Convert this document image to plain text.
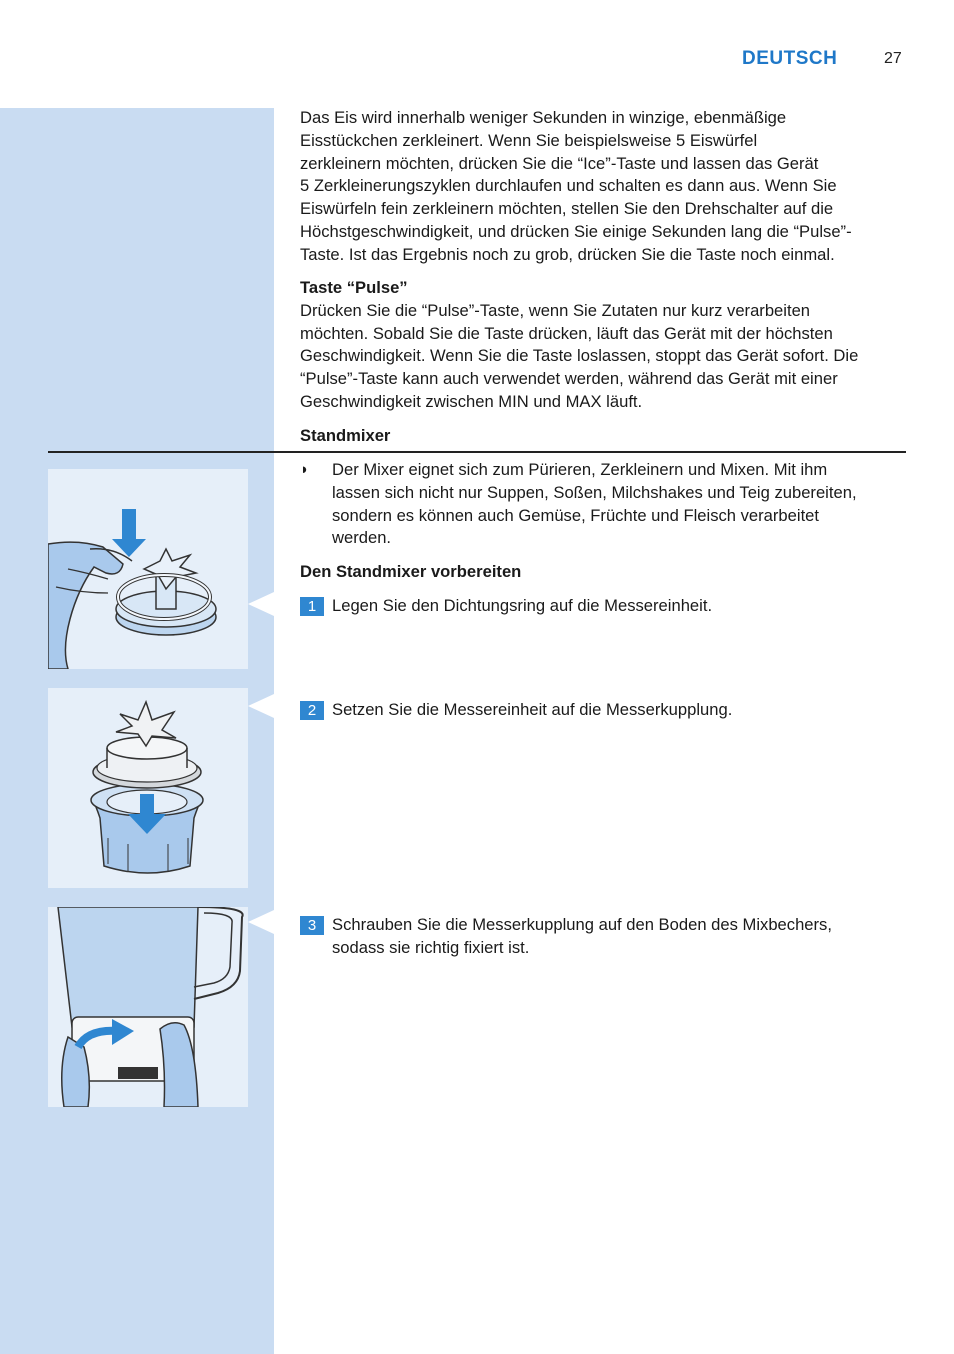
DEUTSCH	27
Das Eis wird innerhalb weniger Sekunden in winzige, ebenmäßige
Eisstückchen zerkleinert. Wenn Sie beispielsweise 5 Eiswürfel
zerkleinern möchten, drücken Sie die “Ice”-Taste und lassen das Gerät
5 Zerkleinerungszyklen durchlaufen und schalten es dann aus. Wenn Sie
Eiswürfeln fein zerkleinern möchten, stellen Sie den Drehschalter auf die
Höchstgeschwindigkeit, und drücken Sie einige Sekunden lang die “Pulse”-
Taste. Ist das Ergebnis noch zu grob, drücken Sie die Taste noch einmal.
Taste “Pulse”
Drücken Sie die “Pulse”-Taste, wenn Sie Zutaten nur kurz verarbeiten
möchten. Sobald Sie die Taste drücken, läuft das Gerät mit der höchsten
Geschwindigkeit. Wenn Sie die Taste loslassen, stoppt das Gerät sofort. Die
“Pulse”-Taste kann auch verwendet werden, während das Gerät mit einer
Geschwindigkeit zwischen MIN und MAX läuft.
Standmixer
◗ Der Mixer eignet sich zum Pürieren, Zerkleinern und Mixen. Mit ihm
lassen sich nicht nur Suppen, Soßen, Milchshakes und Teig zubereiten,
sondern es können auch Gemüse, Früchte und Fleisch verarbeitet
werden.
Den Standmixer vorbereiten
1 Legen Sie den Dichtungsring auf die Messereinheit.
2 Setzen Sie die Messereinheit auf die Messerkupplung.
3 Schrauben Sie die Messerkupplung auf den Boden des Mixbechers,
sodass sie richtig fixiert ist.
